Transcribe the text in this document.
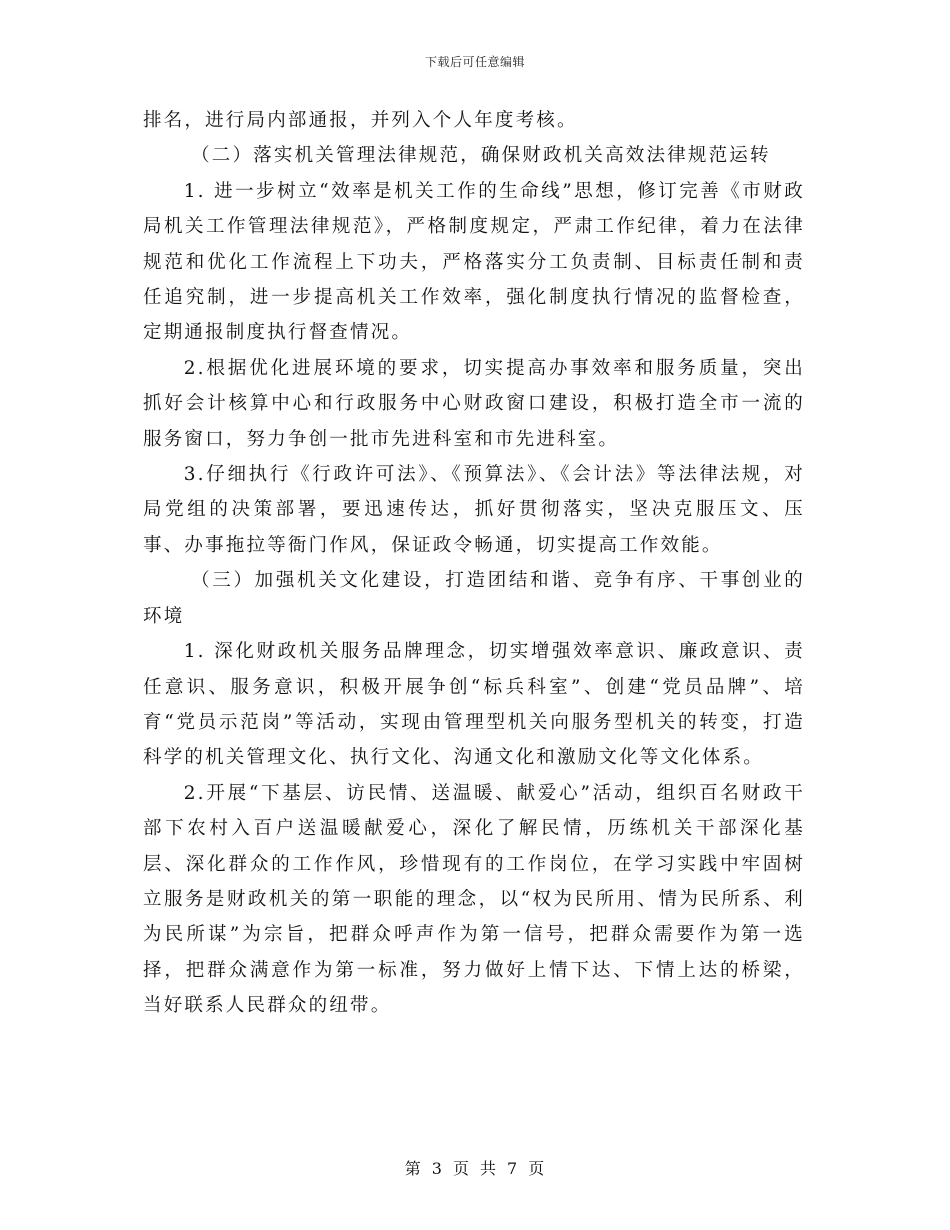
下载后可任意编辑

排名，进行局内部通报，并列入个人年度考核。

（二）落实机关管理法律规范，确保财政机关高效法律规范运转

1. 进一步树立“效率是机关工作的生命线”思想，修订完善《市财政局机关工作管理法律规范》，严格制度规定，严肃工作纪律，着力在法律规范和优化工作流程上下功夫，严格落实分工负责制、目标责任制和责任追究制，进一步提高机关工作效率，强化制度执行情况的监督检查，定期通报制度执行督查情况。

2.根据优化进展环境的要求，切实提高办事效率和服务质量，突出抓好会计核算中心和行政服务中心财政窗口建设，积极打造全市一流的服务窗口，努力争创一批市先进科室和市先进科室。

3.仔细执行《行政许可法》、《预算法》、《会计法》等法律法规，对局党组的决策部署，要迅速传达，抓好贯彻落实，坚决克服压文、压事、办事拖拉等衙门作风，保证政令畅通，切实提高工作效能。

（三）加强机关文化建设，打造团结和谐、竞争有序、干事创业的环境

1. 深化财政机关服务品牌理念，切实增强效率意识、廉政意识、责任意识、服务意识，积极开展争创“标兵科室”、创建“党员品牌”、培育“党员示范岗”等活动，实现由管理型机关向服务型机关的转变，打造科学的机关管理文化、执行文化、沟通文化和激励文化等文化体系。

2.开展“下基层、访民情、送温暖、献爱心”活动，组织百名财政干部下农村入百户送温暖献爱心，深化了解民情，历练机关干部深化基层、深化群众的工作作风，珍惜现有的工作岗位，在学习实践中牢固树立服务是财政机关的第一职能的理念，以“权为民所用、情为民所系、利为民所谋”为宗旨，把群众呼声作为第一信号，把群众需要作为第一选择，把群众满意作为第一标准，努力做好上情下达、下情上达的桥梁，当好联系人民群众的纽带。

第 3 页 共 7 页
